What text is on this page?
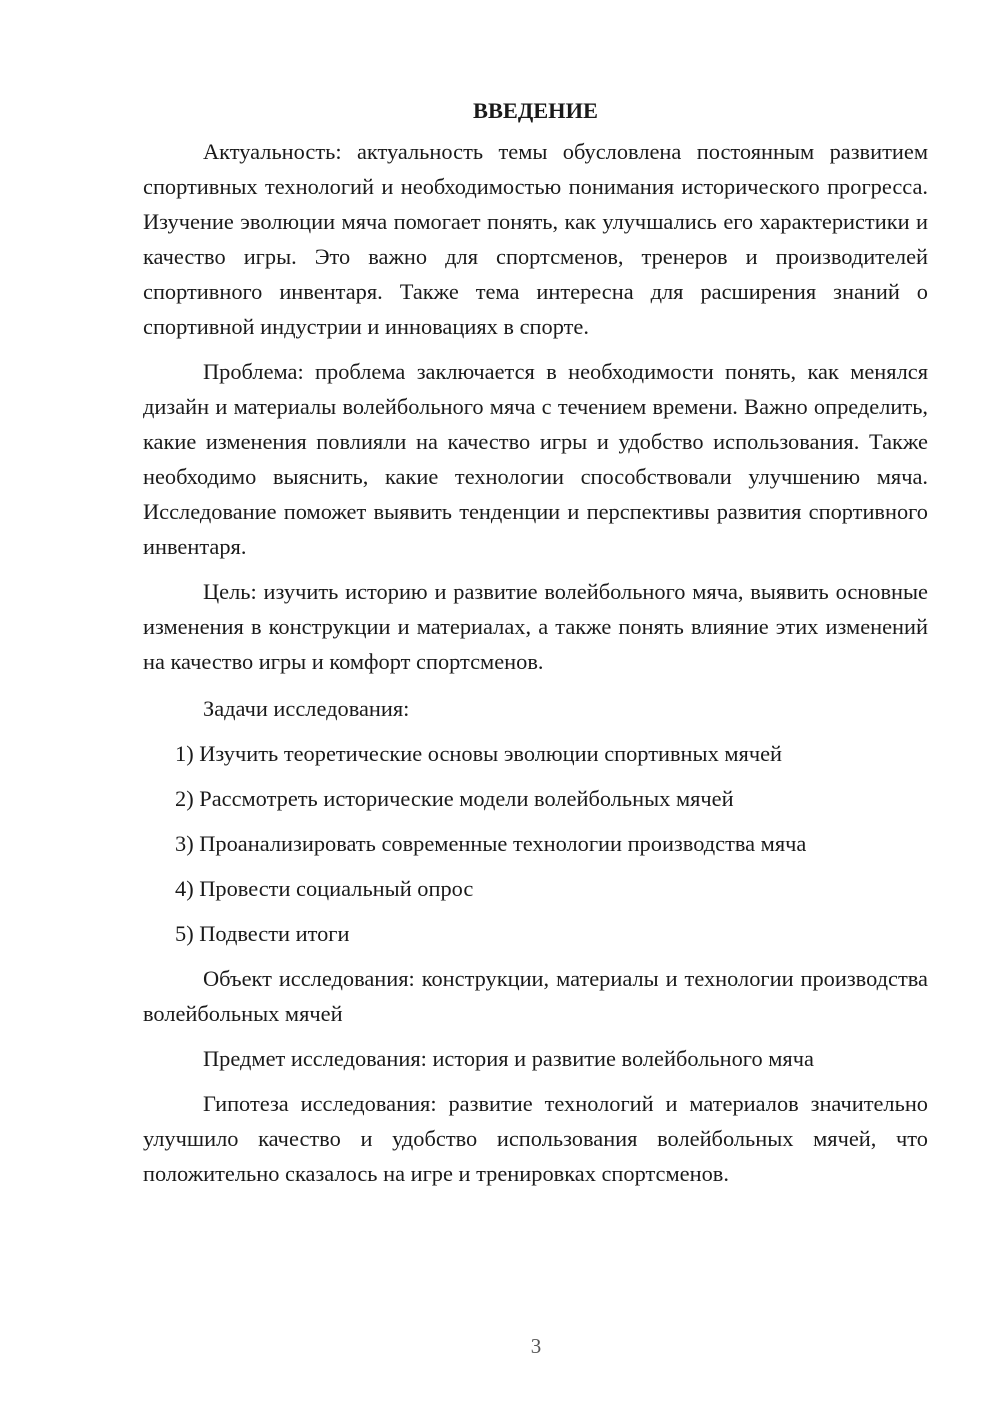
ВВЕДЕНИЕ

Актуальность: актуальность темы обусловлена постоянным развитием спортивных технологий и необходимостью понимания исторического прогресса. Изучение эволюции мяча помогает понять, как улучшались его характеристики и качество игры. Это важно для спортсменов, тренеров и производителей спортивного инвентаря. Также тема интересна для расширения знаний о спортивной индустрии и инновациях в спорте.

Проблема: проблема заключается в необходимости понять, как менялся дизайн и материалы волейбольного мяча с течением времени. Важно определить, какие изменения повлияли на качество игры и удобство использования. Также необходимо выяснить, какие технологии способствовали улучшению мяча. Исследование поможет выявить тенденции и перспективы развития спортивного инвентаря.

Цель: изучить историю и развитие волейбольного мяча, выявить основные изменения в конструкции и материалах, а также понять влияние этих изменений на качество игры и комфорт спортсменов.

Задачи исследования:

1) Изучить теоретические основы эволюции спортивных мячей
2) Рассмотреть исторические модели волейбольных мячей
3) Проанализировать современные технологии производства мяча
4) Провести социальный опрос
5) Подвести итоги

Объект исследования: конструкции, материалы и технологии производства волейбольных мячей

Предмет исследования: история и развитие волейбольного мяча

Гипотеза исследования: развитие технологий и материалов значительно улучшило качество и удобство использования волейбольных мячей, что положительно сказалось на игре и тренировках спортсменов.

3
